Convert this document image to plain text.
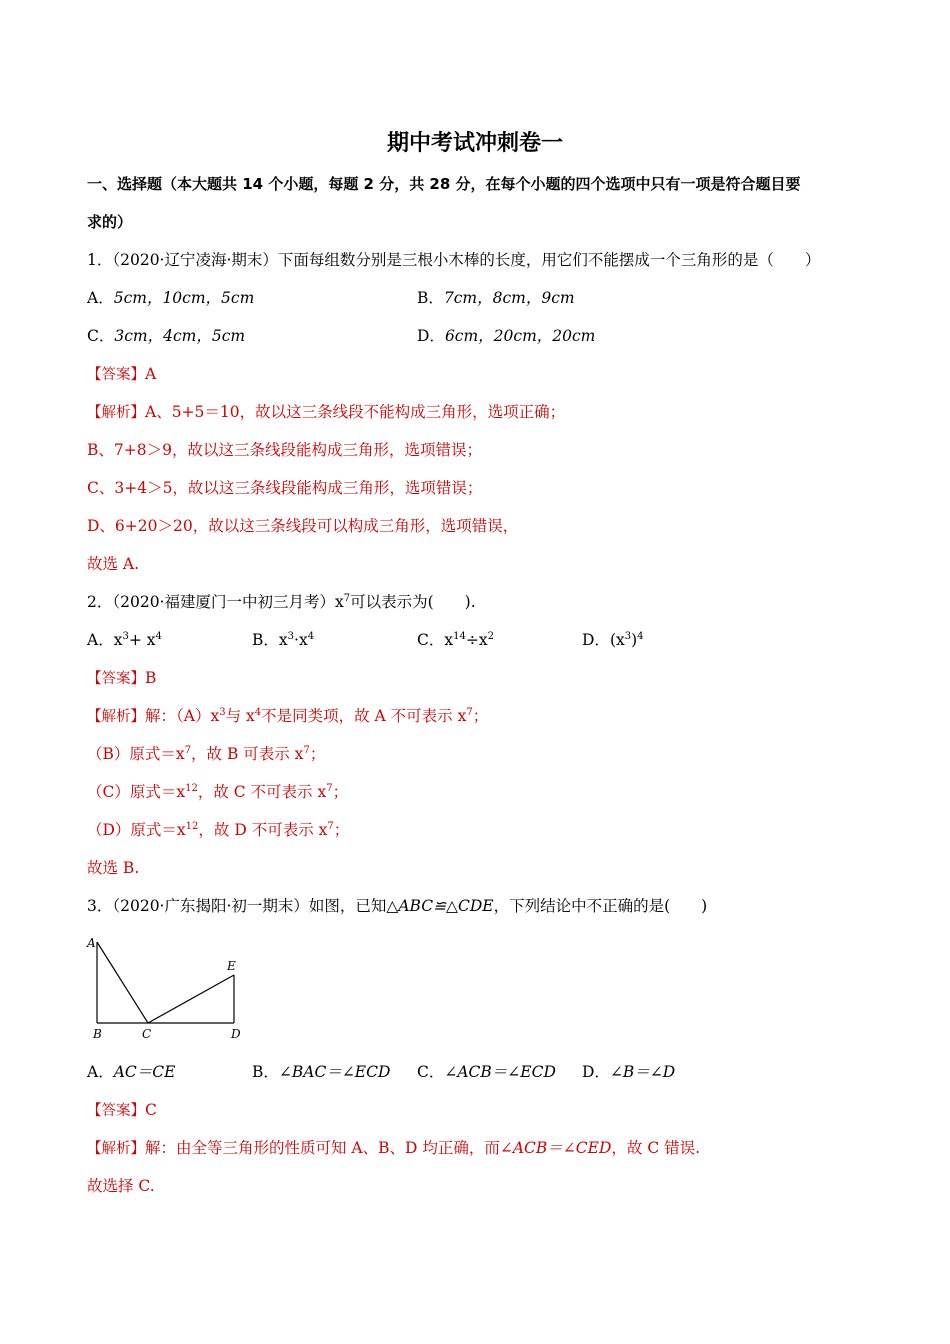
期中考试冲刺卷一
一、选择题（本大题共 14 个小题，每题 2 分，共 28 分，在每个小题的四个选项中只有一项是符合题目要
求的）
1．（2020·辽宁凌海·期末）下面每组数分别是三根小木棒的长度，用它们不能摆成一个三角形的是（　　）
A．5cm，10cm，5cm	B．7cm，8cm，9cm
C．3cm，4cm，5cm	D．6cm，20cm，20cm
【答案】A
【解析】A、5+5＝10，故以这三条线段不能构成三角形，选项正确；
B、7+8＞9，故以这三条线段能构成三角形，选项错误；
C、3+4＞5，故以这三条线段能构成三角形，选项错误；
D、6+20＞20，故以这三条线段可以构成三角形，选项错误，
故选 A.
2．（2020·福建厦门一中初三月考）$x^7$可以表示为(　　).
A．$x^3+ x^4$	B．$x^3\cdot x^4$	C．$x^{14}\div x^2$	D．$(x^3)^4$
【答案】B
【解析】解：$(A)x^3$与 $x^4$不是同类项，故 A 不可表示 $x^7$；
（B）原式$=x^7$，故 B 可表示 $x^7$；
（C）原式$=x^{12}$，故 C 不可表示 $x^7$；
（D）原式$=x^{12}$，故 D 不可表示 $x^7$；
故选 B.
3．（2020·广东揭阳·初一期末）如图，已知△ABC≌△CDE，下列结论中不正确的是(　　)
A
B	C	D
E
A．AC＝CE	B．∠BAC＝∠ECD C．∠ACB＝∠ECD D．∠B＝∠D
【答案】C
【解析】解：由全等三角形的性质可知 A、B、D 均正确，而∠ACB＝∠CED，故 C 错误.
故选择 C.
